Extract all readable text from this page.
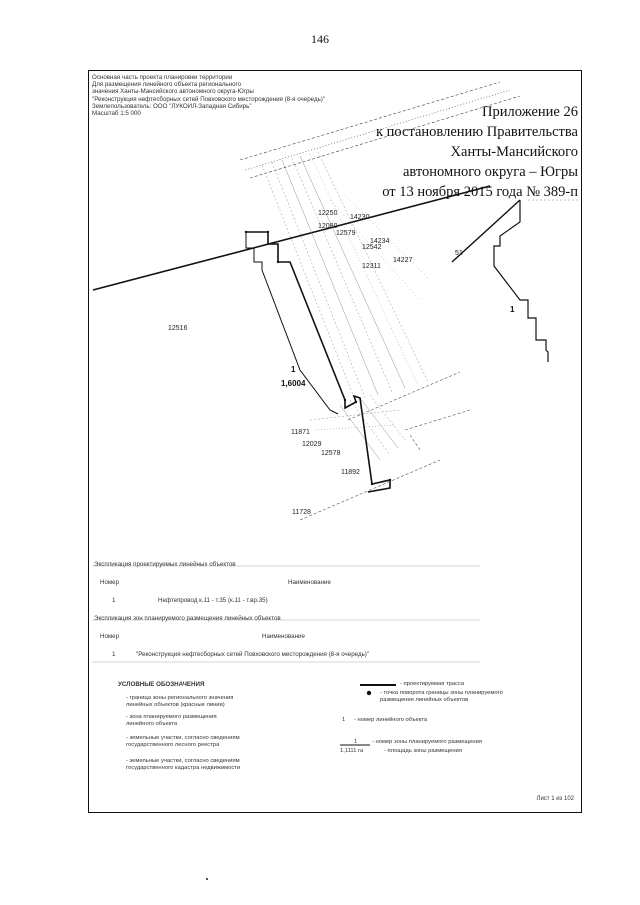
146
Основная часть проекта планировки территории
Для размещения линейного объекта регионального
значения Ханты-Мансийского автономного округа-Югры
"Реконструкция нефтесборных сетей Повховского месторождения (8-я очередь)"
Землепользователь: ООО "ЛУКОЙЛ-Западная Сибирь"
Масштаб 1:5 000	Приложение 26
к постановлению Правительства
Ханты-Мансийского
автономного округа – Югры
от 13 ноября 2015 года № 389-п
12250
14230
12080
12579
14234
12542
14227
12311
12516
11871
12029
12578
11892
11728
1
1,6004
51
1
Экспликация проектируемых линейных объектов
Номер	Наименование
1	Нефтепровод к.11 - т.35 (к.11 - т.вр.35)
Экспликация зон планируемого размещения линейных объектов
Номер	Наименование
1	"Реконструкция нефтесборных сетей Повховского месторождения (8-я очередь)"
УСЛОВНЫЕ ОБОЗНАЧЕНИЯ
- граница зоны регионального значения линейных объектов (красные линии)
- зона планируемого размещения линейного объекта
- земельные участки, согласно сведениям государственного лесного реестра
- земельные участки, согласно сведениям государственного кадастра недвижимости
- проектируемая трасса
- точка поворота границы зоны планируемого размещения линейных объектов
1 - номер линейного объекта
1	- номер зоны планируемого размещения
1,1111 га	- площадь зоны размещения
Лист 1 из 102
